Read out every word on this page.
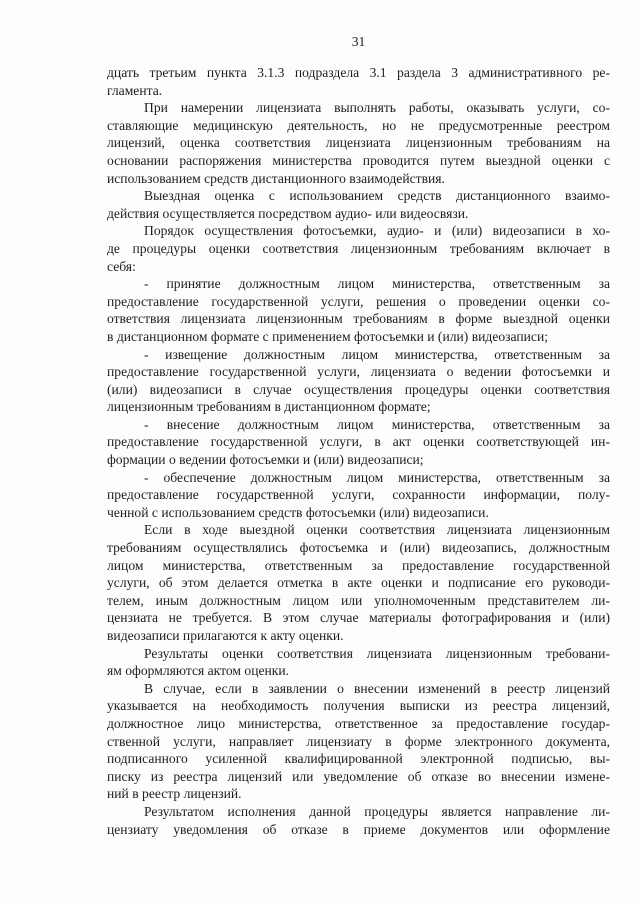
31
дцать третьим пункта 3.1.3 подраздела 3.1 раздела 3 административного ре-
гламента.
При намерении лицензиата выполнять работы, оказывать услуги, со-
ставляющие медицинскую деятельность, но не предусмотренные реестром
лицензий, оценка соответствия лицензиата лицензионным требованиям на
основании распоряжения министерства проводится путем выездной оценки с
использованием средств дистанционного взаимодействия.
Выездная оценка с использованием средств дистанционного взаимо-
действия осуществляется посредством аудио- или видеосвязи.
Порядок осуществления фотосъемки, аудио- и (или) видеозаписи в хо-
де процедуры оценки соответствия лицензионным требованиям включает в
себя:
- принятие должностным лицом министерства, ответственным за
предоставление государственной услуги, решения о проведении оценки со-
ответствия лицензиата лицензионным требованиям в форме выездной оценки
в дистанционном формате с применением фотосъемки и (или) видеозаписи;
- извещение должностным лицом министерства, ответственным за
предоставление государственной услуги, лицензиата о ведении фотосъемки и
(или) видеозаписи в случае осуществления процедуры оценки соответствия
лицензионным требованиям в дистанционном формате;
- внесение должностным лицом министерства, ответственным за
предоставление государственной услуги, в акт оценки соответствующей ин-
формации о ведении фотосъемки и (или) видеозаписи;
- обеспечение должностным лицом министерства, ответственным за
предоставление государственной услуги, сохранности информации, полу-
ченной с использованием средств фотосъемки (или) видеозаписи.
Если в ходе выездной оценки соответствия лицензиата лицензионным
требованиям осуществлялись фотосъемка и (или) видеозапись, должностным
лицом министерства, ответственным за предоставление государственной
услуги, об этом делается отметка в акте оценки и подписание его руководи-
телем, иным должностным лицом или уполномоченным представителем ли-
цензиата не требуется. В этом случае материалы фотографирования и (или)
видеозаписи прилагаются к акту оценки.
Результаты оценки соответствия лицензиата лицензионным требовани-
ям оформляются актом оценки.
В случае, если в заявлении о внесении изменений в реестр лицензий
указывается на необходимость получения выписки из реестра лицензий,
должностное лицо министерства, ответственное за предоставление государ-
ственной услуги, направляет лицензиату в форме электронного документа,
подписанного усиленной квалифицированной электронной подписью, вы-
писку из реестра лицензий или уведомление об отказе во внесении измене-
ний в реестр лицензий.
Результатом исполнения данной процедуры является направление ли-
цензиату уведомления об отказе в приеме документов или оформление
